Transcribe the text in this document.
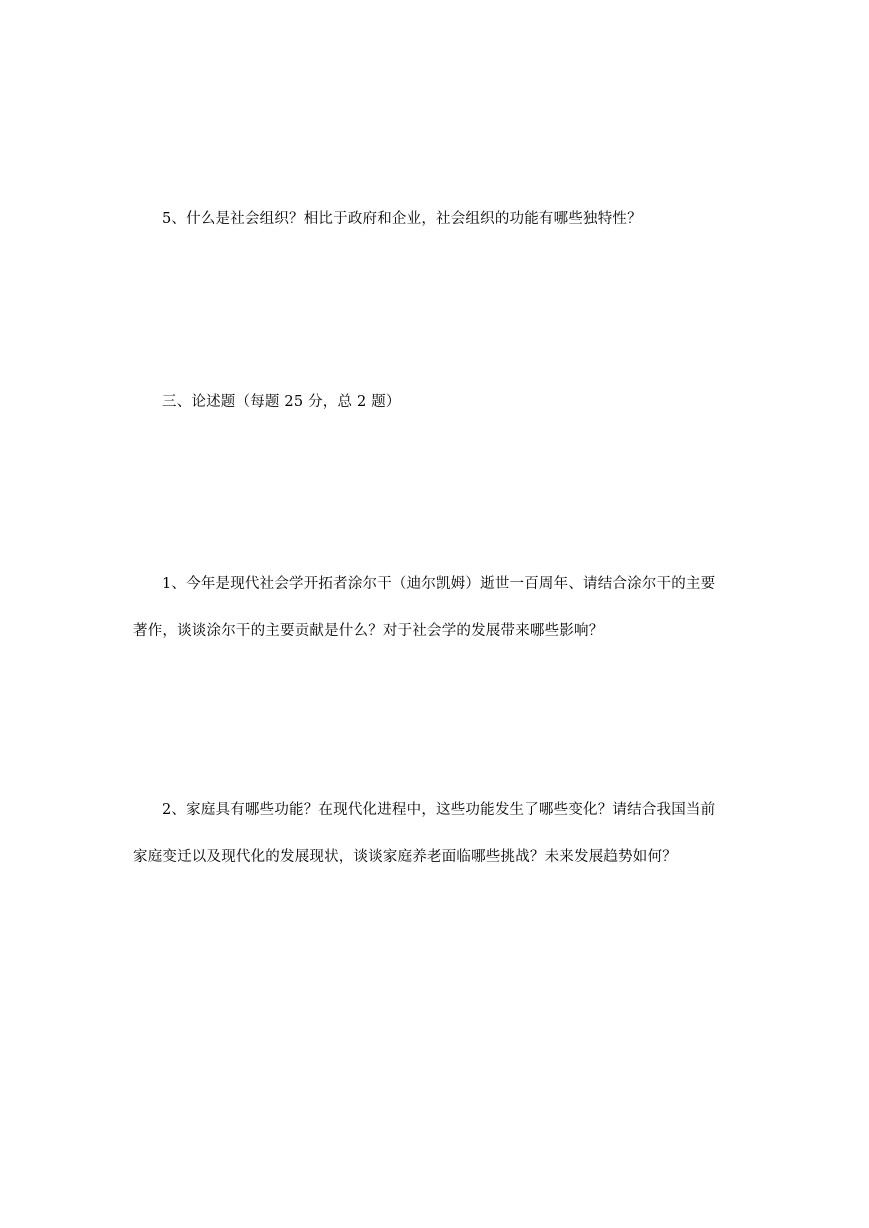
5、什么是社会组织？相比于政府和企业，社会组织的功能有哪些独特性？
三、论述题（每题 25 分，总 2 题）
1、今年是现代社会学开拓者涂尔干（迪尔凯姆）逝世一百周年、请结合涂尔干的主要
著作，谈谈涂尔干的主要贡献是什么？对于社会学的发展带来哪些影响？
2、家庭具有哪些功能？在现代化进程中，这些功能发生了哪些变化？请结合我国当前
家庭变迁以及现代化的发展现状，谈谈家庭养老面临哪些挑战？未来发展趋势如何？
